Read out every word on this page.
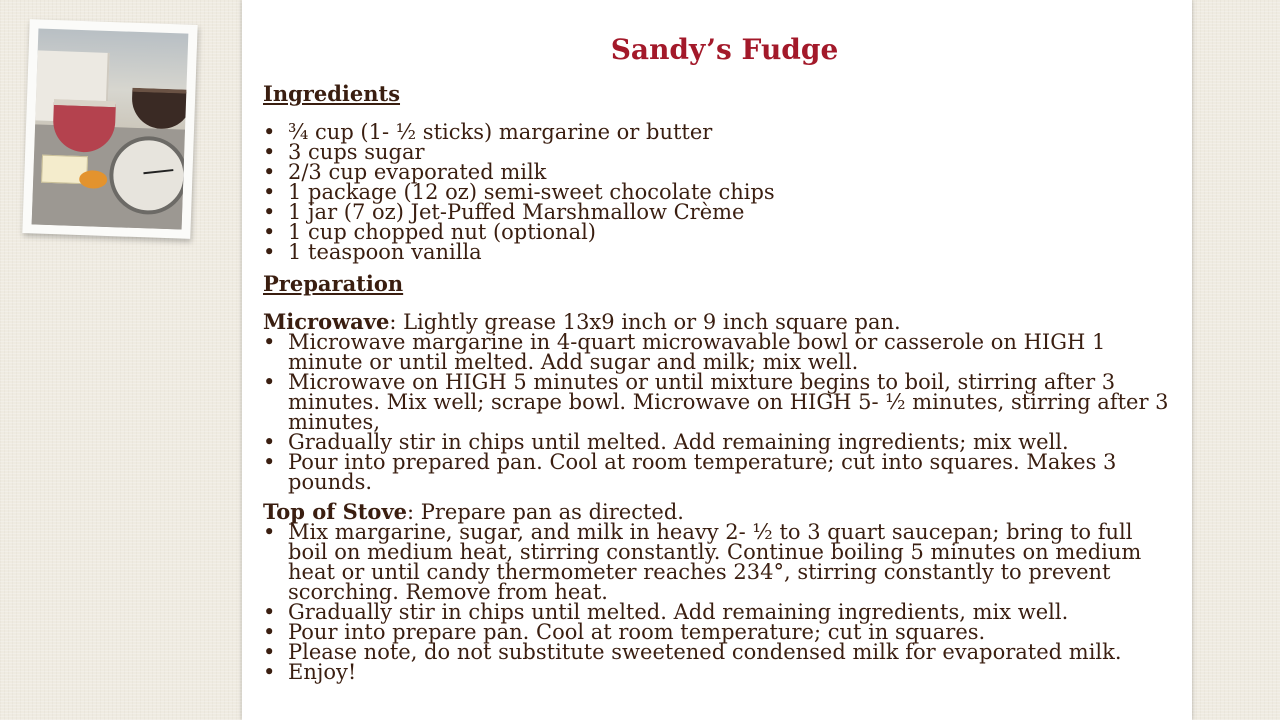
Sandy’s Fudge
Ingredients
• ¾ cup (1- ½ sticks) margarine or butter
• 3 cups sugar
• 2/3 cup evaporated milk
• 1 package (12 oz) semi-sweet chocolate chips
• 1 jar (7 oz) Jet-Puffed Marshmallow Crème
• 1 cup chopped nut (optional)
• 1 teaspoon vanilla
Preparation

Microwave: Lightly grease 13x9 inch or 9 inch square pan.

• Microwave margarine in 4-quart microwavable bowl or casserole on HIGH 1 minute or until melted. Add sugar and milk; mix well.
• Microwave on HIGH 5 minutes or until mixture begins to boil, stirring after 3 minutes. Mix well; scrape bowl. Microwave on HIGH 5- ½ minutes, stirring after 3 minutes,
• Gradually stir in chips until melted. Add remaining ingredients; mix well.
• Pour into prepared pan. Cool at room temperature; cut into squares. Makes 3 pounds.

Top of Stove: Prepare pan as directed.

• Mix margarine, sugar, and milk in heavy 2- ½ to 3 quart saucepan; bring to full boil on medium heat, stirring constantly. Continue boiling 5 minutes on medium heat or until candy thermometer reaches 234°, stirring constantly to prevent scorching. Remove from heat.
• Gradually stir in chips until melted. Add remaining ingredients, mix well.
• Pour into prepare pan. Cool at room temperature; cut in squares.
• Please note, do not substitute sweetened condensed milk for evaporated milk.
• Enjoy!
